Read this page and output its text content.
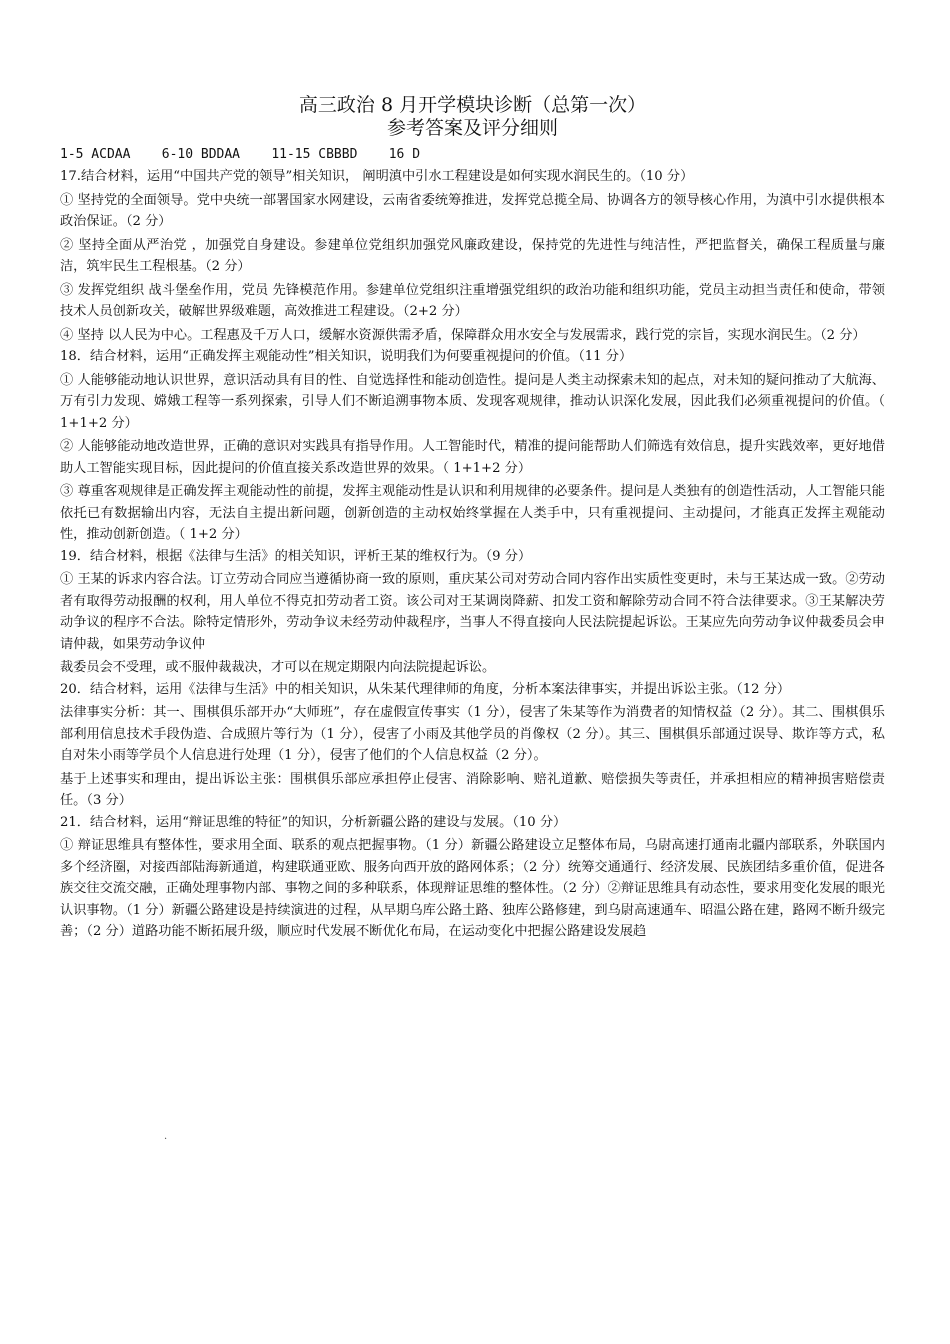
高三政治 8 月开学模块诊断（总第一次）
参考答案及评分细则
1-5 ACDAA    6-10 BDDAA    11-15 CBBBD    16 D

17.结合材料，运用“中国共产党的领导”相关知识， 阐明滇中引水工程建设是如何实现水润民生的。（10 分）

① 坚持党的全面领导。党中央统一部署国家水网建设，云南省委统筹推进，发挥党总揽全局、协调各方的领导核心作用，为滇中引水提供根本政治保证。（2 分）

② 坚持全面从严治党 ，加强党自身建设。参建单位党组织加强党风廉政建设，保持党的先进性与纯洁性，严把监督关，确保工程质量与廉洁，筑牢民生工程根基。（2 分）

③ 发挥党组织 战斗堡垒作用，党员 先锋模范作用。参建单位党组织注重增强党组织的政治功能和组织功能，党员主动担当责任和使命，带领技术人员创新攻关，破解世界级难题，高效推进工程建设。（2+2 分）

④ 坚持 以人民为中心。工程惠及千万人口，缓解水资源供需矛盾，保障群众用水安全与发展需求，践行党的宗旨，实现水润民生。（2 分）

18．结合材料，运用“正确发挥主观能动性”相关知识，说明我们为何要重视提问的价值。（11 分）

① 人能够能动地认识世界，意识活动具有目的性、自觉选择性和能动创造性。提问是人类主动探索未知的起点，对未知的疑问推动了大航海、万有引力发现、嫦娥工程等一系列探索，引导人们不断追溯事物本质、发现客观规律，推动认识深化发展，因此我们必须重视提问的价值。（ 1+1+2 分）

② 人能够能动地改造世界，正确的意识对实践具有指导作用。人工智能时代，精准的提问能帮助人们筛选有效信息，提升实践效率，更好地借助人工智能实现目标，因此提问的价值直接关系改造世界的效果。（ 1+1+2 分）

③ 尊重客观规律是正确发挥主观能动性的前提，发挥主观能动性是认识和利用规律的必要条件。提问是人类独有的创造性活动，人工智能只能依托已有数据输出内容，无法自主提出新问题，创新创造的主动权始终掌握在人类手中，只有重视提问、主动提问，才能真正发挥主观能动性，推动创新创造。（ 1+2 分）

19．结合材料，根据《法律与生活》的相关知识，评析王某的维权行为。（9 分）

① 王某的诉求内容合法。订立劳动合同应当遵循协商一致的原则，重庆某公司对劳动合同内容作出实质性变更时，未与王某达成一致。②劳动者有取得劳动报酬的权利，用人单位不得克扣劳动者工资。该公司对王某调岗降薪、扣发工资和解除劳动合同不符合法律要求。③王某解决劳动争议的程序不合法。除特定情形外，劳动争议未经劳动仲裁程序，当事人不得直接向人民法院提起诉讼。王某应先向劳动争议仲裁委员会申请仲裁，如果劳动争议仲

裁委员会不受理，或不服仲裁裁决，才可以在规定期限内向法院提起诉讼。

20．结合材料，运用《法律与生活》中的相关知识，从朱某代理律师的角度，分析本案法律事实，并提出诉讼主张。（12 分）

法律事实分析：其一、围棋俱乐部开办“大师班”，存在虚假宣传事实（1 分），侵害了朱某等作为消费者的知情权益（2 分）。其二、围棋俱乐部利用信息技术手段伪造、合成照片等行为（1 分），侵害了小雨及其他学员的肖像权（2 分）。其三、围棋俱乐部通过误导、欺诈等方式，私自对朱小雨等学员个人信息进行处理（1 分），侵害了他们的个人信息权益（2 分）。

基于上述事实和理由，提出诉讼主张：围棋俱乐部应承担停止侵害、消除影响、赔礼道歉、赔偿损失等责任，并承担相应的精神损害赔偿责任。（3 分）

21．结合材料，运用“辩证思维的特征”的知识，分析新疆公路的建设与发展。（10 分）

① 辩证思维具有整体性，要求用全面、联系的观点把握事物。（1 分）新疆公路建设立足整体布局，乌尉高速打通南北疆内部联系，外联国内多个经济圈，对接西部陆海新通道，构建联通亚欧、服务向西开放的路网体系；（2 分）统筹交通通行、经济发展、民族团结多重价值，促进各族交往交流交融，正确处理事物内部、事物之间的多种联系，体现辩证思维的整体性。（2 分）②辩证思维具有动态性，要求用变化发展的眼光认识事物。（1 分）新疆公路建设是持续演进的过程，从早期乌库公路土路、独库公路修建，到乌尉高速通车、昭温公路在建，路网不断升级完善；（2 分）道路功能不断拓展升级，顺应时代发展不断优化布局，在运动变化中把握公路建设发展趋

·
